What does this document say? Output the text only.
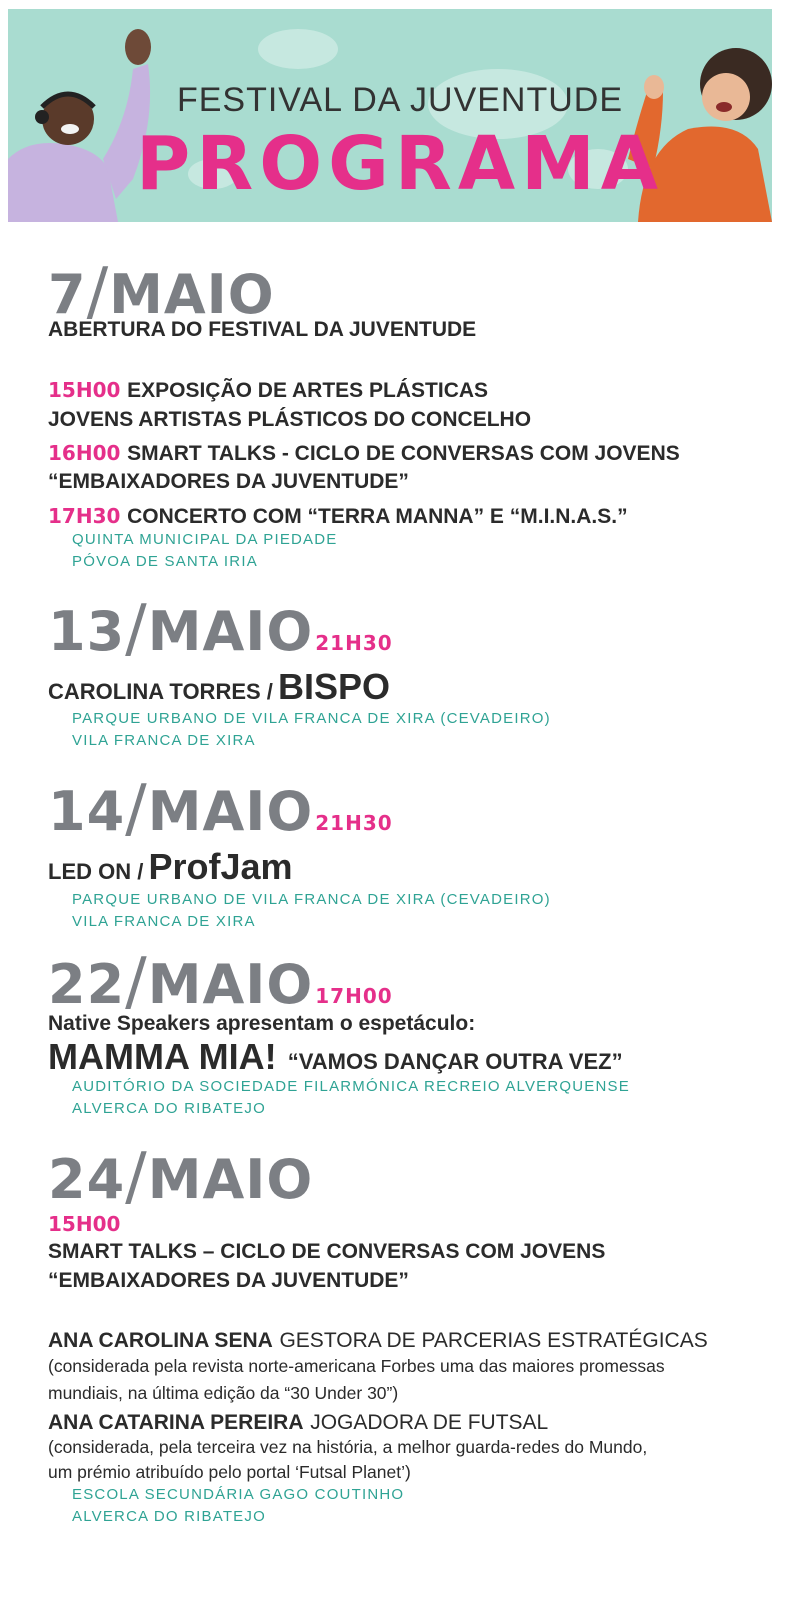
FESTIVAL DA JUVENTUDE
PROGRAMA
7/MAIO
ABERTURA DO FESTIVAL DA JUVENTUDE
15H00 EXPOSIÇÃO DE ARTES PLÁSTICAS
JOVENS ARTISTAS PLÁSTICOS DO CONCELHO
16H00 SMART TALKS - CICLO DE CONVERSAS COM JOVENS
“EMBAIXADORES DA JUVENTUDE”
17H30 CONCERTO COM “TERRA MANNA” E “M.I.N.A.S.”
QUINTA MUNICIPAL DA PIEDADE
PÓVOA DE SANTA IRIA
13/MAIO 21H30
CAROLINA TORRES / BISPO
PARQUE URBANO DE VILA FRANCA DE XIRA (CEVADEIRO)
VILA FRANCA DE XIRA
14/MAIO 21H30
LED ON / ProfJam
PARQUE URBANO DE VILA FRANCA DE XIRA (CEVADEIRO)
VILA FRANCA DE XIRA
22/MAIO 17H00
Native Speakers apresentam o espetáculo:
MAMMA MIA! “VAMOS DANÇAR OUTRA VEZ”
AUDITÓRIO DA SOCIEDADE FILARMÓNICA RECREIO ALVERQUENSE
ALVERCA DO RIBATEJO
24/MAIO
15H00
SMART TALKS – CICLO DE CONVERSAS COM JOVENS
“EMBAIXADORES DA JUVENTUDE”
ANA CAROLINA SENA GESTORA DE PARCERIAS ESTRATÉGICAS
(considerada pela revista norte-americana Forbes uma das maiores promessas
mundiais, na última edição da “30 Under 30”)
ANA CATARINA PEREIRA JOGADORA DE FUTSAL
(considerada, pela terceira vez na história, a melhor guarda-redes do Mundo,
um prémio atribuído pelo portal ‘Futsal Planet’)
ESCOLA SECUNDÁRIA GAGO COUTINHO
ALVERCA DO RIBATEJO
